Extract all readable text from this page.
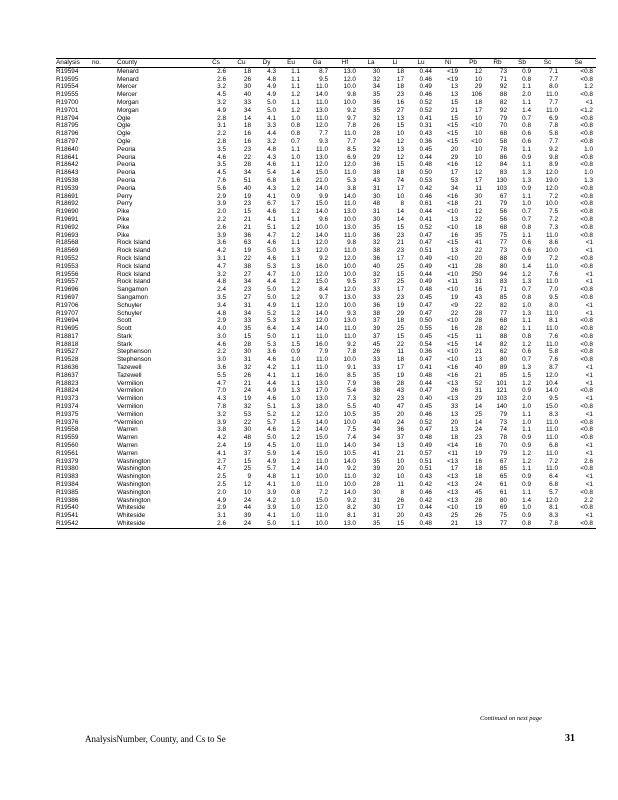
Analysis	no.	County	Cs	Cu	Dy	Eu	Ga	Hf	La	Li	Lu	Ni	Pb	Rb	Sb	Sc	Se
R19594		Menard	2.6	18	4.3	1.1	8.7	13.0	30	18	0.44	<19	12	73	0.9	7.1	<0.8
R19595		Menard	2.6	26	4.8	1.1	9.5	12.0	32	17	0.46	<19	10	71	0.8	7.7	<0.8
R19554		Mercer	3.2	30	4.9	1.1	11.0	10.0	34	18	0.49	13	29	92	1.1	8.0	1.2
R19555		Mercer	4.5	40	4.9	1.2	14.0	9.8	35	23	0.46	13	106	88	2.0	11.0	<0.8
R19700		Morgan	3.2	33	5.0	1.1	11.0	10.0	36	16	0.52	15	18	82	1.1	7.7	<1
R19701		Morgan	4.9	34	5.0	1.2	13.0	9.2	35	27	0.52	21	17	92	1.4	11.0	<1.2
R18794		Ogle	2.8	14	4.1	1.0	11.0	9.7	32	13	0.41	15	10	79	0.7	6.9	<0.8
R18795		Ogle	3.1	18	3.3	0.8	12.0	7.8	26	15	0.31	<15	<10	70	0.8	7.8	<0.8
R18796		Ogle	2.2	16	4.4	0.8	7.7	11.0	28	10	0.43	<15	10	68	0.6	5.8	<0.8
R18797		Ogle	2.8	16	3.2	0.7	9.3	7.7	24	12	0.36	<15	<10	58	0.6	7.7	<0.8
R18640		Peoria	3.5	23	4.8	1.1	11.0	8.5	32	13	0.45	20	10	78	1.1	9.2	1.0
R18641		Peoria	4.6	22	4.3	1.0	13.0	6.9	29	12	0.44	29	10	86	0.9	9.8	<0.8
R18642		Peoria	3.5	28	4.6	1.1	12.0	12.0	36	15	0.48	<16	12	84	1.1	8.9	<0.8
R18643		Peoria	4.5	34	5.4	1.4	15.0	11.0	38	18	0.50	17	12	83	1.3	12.0	1.0
R19538		Peoria	7.6	51	6.8	1.6	21.0	5.3	43	74	0.53	53	17	130	1.3	19.0	1.3
R19539		Peoria	5.6	40	4.3	1.2	14.0	3.8	31	17	0.42	34	11	103	0.9	12.0	<0.8
R18691		Perry	2.9	19	4.1	0.9	9.9	14.0	30	10	0.46	<16	30	67	1.1	7.2	<0.8
R18692		Perry	3.9	23	6.7	1.7	15.0	11.0	48	8	0.61	<18	21	79	1.0	10.0	<0.8
R19690		Pike	2.0	15	4.6	1.2	14.0	13.0	31	14	0.44	<10	12	56	0.7	7.5	<0.8
R19691		Pike	2.2	21	4.1	1.1	9.6	10.0	30	14	0.41	13	22	56	0.7	7.2	<0.8
R19692		Pike	2.6	21	5.1	1.2	10.0	13.0	35	15	0.52	<10	18	68	0.8	7.3	<0.8
R19693		Pike	3.9	36	4.7	1.2	14.0	11.0	36	23	0.47	16	35	75	1.1	11.0	<0.8
R18568		Rock Island	3.6	63	4.6	1.1	12.0	9.8	32	21	0.47	<15	41	77	0.6	8.6	<1
R18569		Rock Island	4.2	19	5.0	1.3	12.0	11.0	38	23	0.51	13	22	73	0.6	10.0	<1
R19552		Rock Island	3.1	22	4.6	1.1	9.2	12.0	36	17	0.49	<10	20	88	0.9	7.2	<0.8
R19553		Rock Island	4.7	38	5.3	1.3	16.0	10.0	40	25	0.49	<11	28	80	1.4	11.0	<0.8
R19556		Rock Island	3.2	27	4.7	1.0	12.0	10.0	32	15	0.44	<10	250	94	1.2	7.6	<1
R19557		Rock Island	4.8	34	4.4	1.2	15.0	9.5	37	25	0.49	<11	31	83	1.3	11.0	<1
R19696		Sangamon	2.4	23	5.0	1.2	8.4	12.0	33	17	0.48	<10	16	71	0.7	7.0	<0.8
R19697		Sangamon	3.5	27	5.0	1.2	9.7	13.0	33	23	0.45	19	43	85	0.8	9.5	<0.8
R19706		Schuyler	3.4	31	4.9	1.1	12.0	10.0	36	19	0.47	<9	22	82	1.0	8.0	<1
R19707		Schuyler	4.8	34	5.2	1.2	14.0	9.3	38	29	0.47	22	28	77	1.3	11.0	<1
R19694		Scott	2.9	33	5.3	1.3	12.0	13.0	37	18	0.50	<10	28	68	1.1	8.1	<0.8
R19695		Scott	4.0	35	6.4	1.4	14.0	11.0	39	25	0.55	16	28	82	1.1	11.0	<0.8
R18817		Stark	3.0	15	5.0	1.1	11.0	11.0	37	15	0.45	<15	11	88	0.8	7.6	<0.8
R18818		Stark	4.6	28	5.3	1.5	16.0	9.2	45	22	0.54	<15	14	82	1.2	11.0	<0.8
R19527		Stephenson	2.2	30	3.6	0.9	7.9	7.8	26	11	0.36	<10	21	62	0.6	5.8	<0.8
R19528		Stephenson	3.0	31	4.6	1.0	11.0	10.0	33	18	0.47	<10	13	80	0.7	7.6	<0.8
R18636		Tazewell	3.6	32	4.2	1.1	11.0	9.1	33	17	0.41	<16	40	89	1.3	8.7	<1
R18637		Tazewell	5.5	26	4.1	1.1	16.0	8.5	35	19	0.48	<16	21	85	1.5	12.0	<1
R18823		Vermilion	4.7	21	4.4	1.1	13.0	7.9	36	28	0.44	<13	52	101	1.2	10.4	<1
R18824		Vermilion	7.0	24	4.9	1.3	17.0	5.4	38	43	0.47	26	31	121	0.9	14.0	<0.8
R19373		Vermilion	4.3	19	4.6	1.0	13.0	7.3	32	23	0.40	<13	29	103	2.0	9.5	<1
R19374		Vermilion	7.8	32	5.1	1.3	18.0	5.5	40	47	0.45	33	14	140	1.0	15.0	<0.8
R19375		Vermilion	3.2	53	5.2	1.2	12.0	10.5	35	20	0.46	13	25	79	1.1	8.3	<1
R19376	^	Vermilion	3.9	22	5.7	1.5	14.0	10.0	40	24	0.52	20	14	73	1.0	11.0	<0.8
R19558		Warren	3.8	30	4.6	1.2	14.0	7.5	34	36	0.47	13	24	74	1.1	11.0	<0.8
R19559		Warren	4.2	48	5.0	1.2	15.0	7.4	34	37	0.48	18	23	78	0.9	11.0	<0.8
R19560		Warren	2.4	19	4.5	1.0	11.0	14.0	34	13	0.49	<14	16	70	0.9	6.8	<1
R19561		Warren	4.1	37	5.9	1.4	15.0	10.5	41	21	0.57	<11	19	79	1.2	11.0	<1
R19379		Washington	2.7	15	4.9	1.2	11.0	14.0	35	10	0.51	<13	16	67	1.2	7.2	2.6
R19380		Washington	4.7	25	5.7	1.4	14.0	9.2	39	20	0.51	17	18	85	1.1	11.0	<0.8
R19383		Washington	2.5	9	4.8	1.1	10.0	11.0	32	10	0.43	<13	18	65	0.9	6.4	<1
R19384		Washington	2.5	12	4.1	1.0	11.0	10.0	28	11	0.42	<13	24	61	0.9	6.8	<1
R19385		Washington	2.0	10	3.9	0.8	7.2	14.0	30	8	0.46	<13	45	61	1.1	5.7	<0.8
R19386		Washington	4.9	24	4.2	1.0	15.0	9.2	31	26	0.42	<13	28	80	1.4	12.0	2.2
R19540		Whiteside	2.9	44	3.9	1.0	12.0	8.2	30	17	0.44	<10	19	69	1.0	8.1	<0.8
R19541		Whiteside	3.1	39	4.1	1.0	11.0	8.1	31	20	0.43	25	26	75	0.9	8.3	<1
R19542		Whiteside	2.6	24	5.0	1.1	10.0	13.0	35	15	0.48	21	13	77	0.8	7.8	<0.8
Continued on next page
AnalysisNumber, County, and Cs to Se	31
